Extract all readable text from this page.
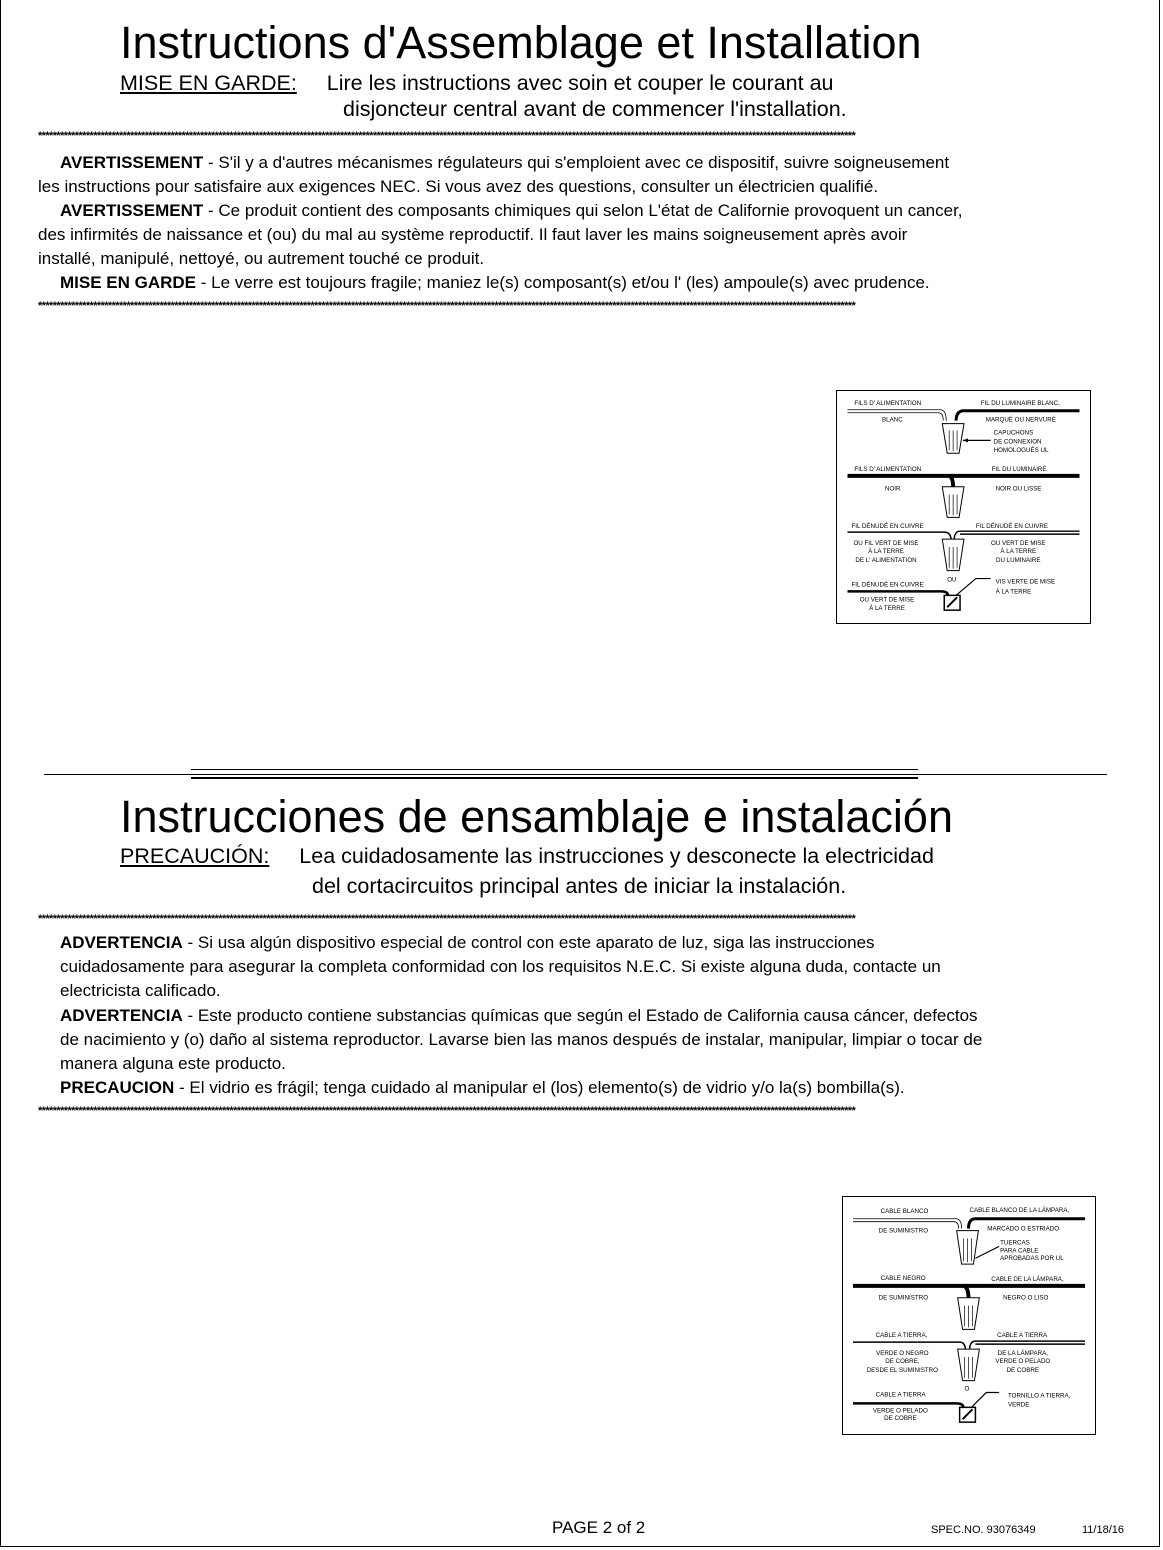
Instructions d'Assemblage et Installation
MISE EN GARDE: Lire les instructions avec soin et couper le courant au
disjoncteur central avant de commencer l'installation.
******************************************************************************************************************************************************************************************************************************
AVERTISSEMENT - S'il y a d'autres mécanismes régulateurs qui s'emploient avec ce dispositif, suivre soigneusement
les instructions pour satisfaire aux exigences NEC. Si vous avez des questions, consulter un électricien qualifié.
AVERTISSEMENT - Ce produit contient des composants chimiques qui selon L'état de Californie provoquent un cancer,
des infirmités de naissance et (ou) du mal au système reproductif. Il faut laver les mains soigneusement après avoir
installé, manipulé, nettoyé, ou autrement touché ce produit.
MISE EN GARDE - Le verre est toujours fragile; maniez le(s) composant(s) et/ou l' (les) ampoule(s) avec prudence.
******************************************************************************************************************************************************************************************************************************
FILS D' ALIMENTATION	FIL DU LUMINAIRE BLANC,
BLANC	MARQUÉ OU NERVURÉ
CAPUCHONS
DE CONNEXION
HOMOLOGUÉS UL
FILS D' ALIMENTATION	FIL DU LUMINAIRE
NOIR	NOIR OU LISSE
FIL DÉNUDÉ EN CUIVRE	FIL DÉNUDÉ EN CUIVRE
OU FIL VERT DE MISE
À LA TERRE
DE L' ALIMENTATION
OU VERT DE MISE
À LA TERRE
DU LUMINAIRE
OU
FIL DÉNUDÉ EN CUIVRE	VIS VERTE DE MISE
À LA TERRE
OU VERT DE MISE
À LA TERRE
Instrucciones de ensamblaje e instalación
PRECAUCIÓN: Lea cuidadosamente las instrucciones y desconecte la electricidad
del cortacircuitos principal antes de iniciar la instalación.
******************************************************************************************************************************************************************************************************************************
ADVERTENCIA - Si usa algún dispositivo especial de control con este aparato de luz, siga las instrucciones
cuidadosamente para asegurar la completa conformidad con los requisitos N.E.C. Si existe alguna duda, contacte un
electricista calificado.
ADVERTENCIA - Este producto contiene substancias químicas que según el Estado de California causa cáncer, defectos
de nacimiento y (o) daño al sistema reproductor. Lavarse bien las manos después de instalar, manipular, limpiar o tocar de
manera alguna este producto.
PRECAUCION - El vidrio es frágil; tenga cuidado al manipular el (los) elemento(s) de vidrio y/o la(s) bombilla(s).
******************************************************************************************************************************************************************************************************************************
CABLE BLANCO	CABLE BLANCO DE LA LÁMPARA,
DE SUMINISTRO	MARCADO O ESTRIADO
TUERCAS
PARA CABLE
APROBADAS POR UL
CABLE NEGRO	CABLE DE LA LÁMPARA,
DE SUMINISTRO	NEGRO O LISO
CABLE A TIERRA,	CABLE A TIERRA
VERDE O NEGRO
DE COBRE,
DESDE EL SUMINISTRO
DE LA LÁMPARA,
VERDE O PELADO
DE COBRE
O
CABLE A TIERRA	TORNILLO A TIERRA,
VERDE
VERDE O PELADO
DE COBRE
PAGE 2 of 2	SPEC.NO. 93076349	11/18/16
